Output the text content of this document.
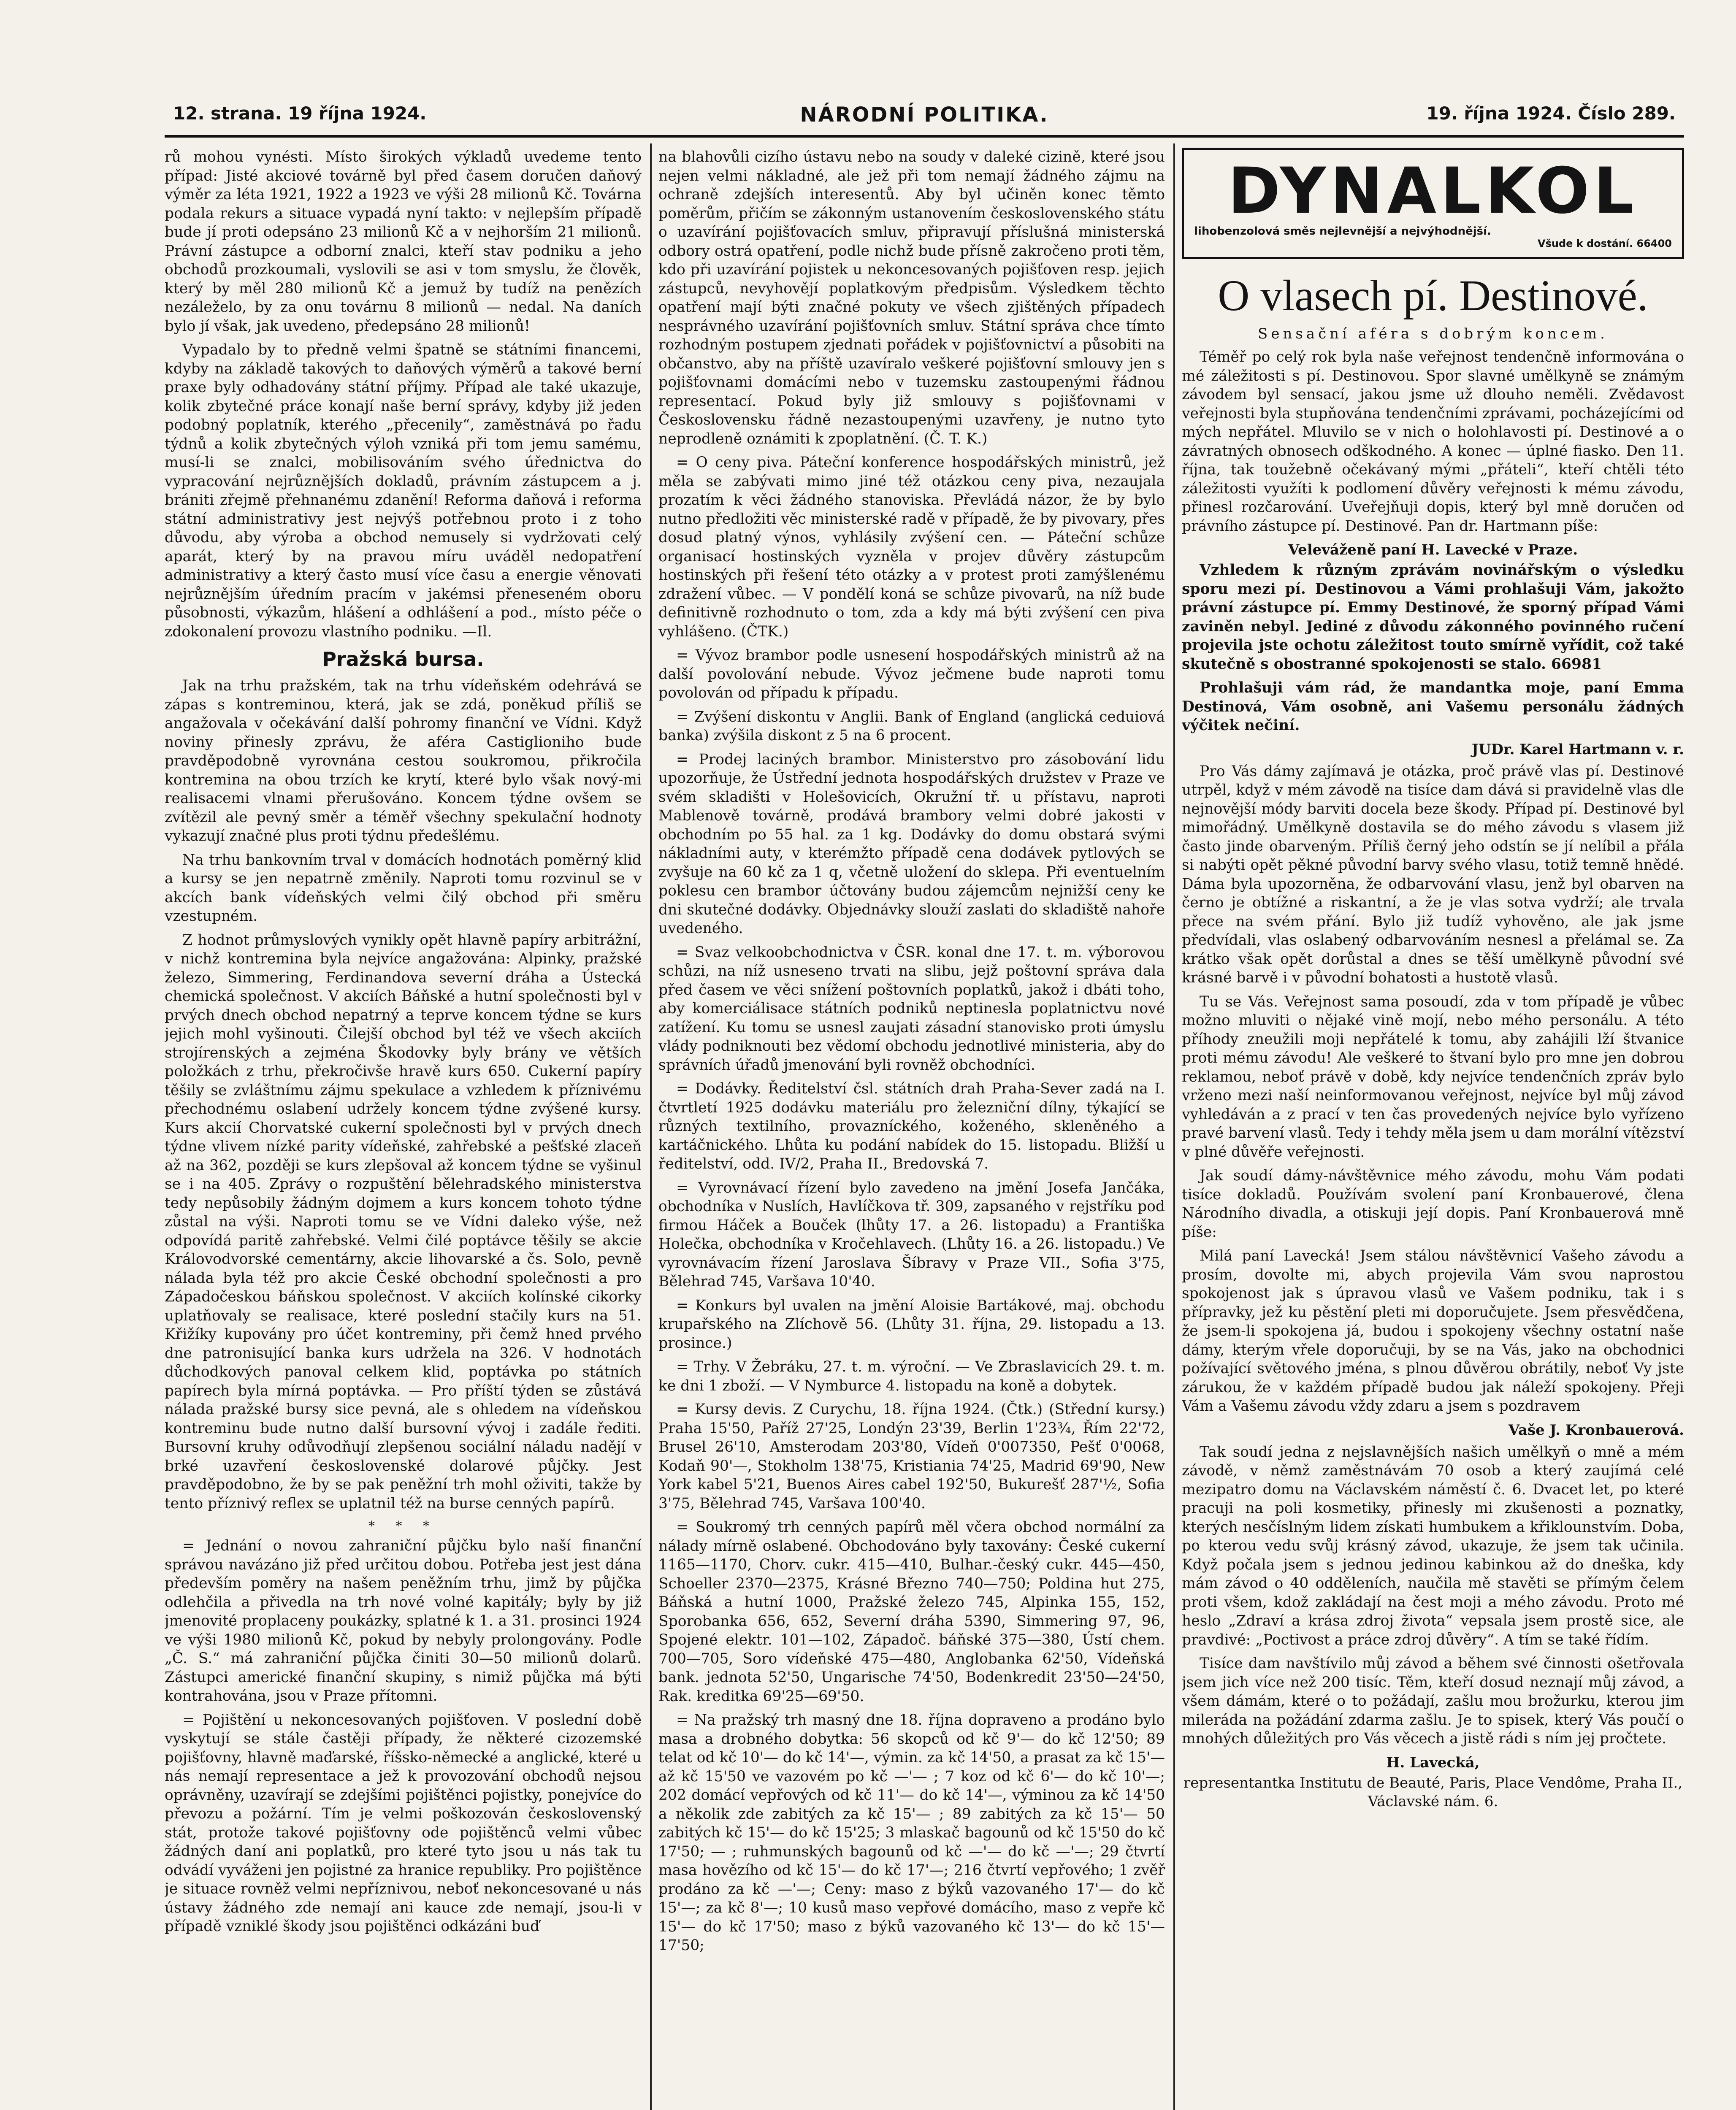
12. strana. 19 října 1924.	NÁRODNÍ POLITIKA.	19. října 1924. Číslo 289.

rů mohou vynésti. Místo širokých výkladů uvedeme tento případ: Jisté akciové továrně byl před časem doručen daňový výměr za léta 1921, 1922 a 1923 ve výši 28 milionů Kč. Továrna podala rekurs a situace vypadá nyní takto: v nejlepším případě bude jí proti odepsáno 23 milionů Kč a v nejhorším 21 milionů. Právní zástupce a odborní znalci, kteří stav podniku a jeho obchodů prozkoumali, vyslovili se asi v tom smyslu, že člověk, který by měl 280 milionů Kč a jemuž by tudíž na penězích nezáleželo, by za onu továrnu 8 milionů — nedal. Na daních bylo jí však, jak uvedeno, předepsáno 28 milionů!

Vypadalo by to předně velmi špatně se státními financemi, kdyby na základě takových to daňových výměrů a takové berní praxe byly odhadovány státní příjmy. Případ ale také ukazuje, kolik zbytečné práce konají naše berní správy, kdyby již jeden podobný poplatník, kterého „přecenily“, zaměstnává po řadu týdnů a kolik zbytečných výloh vzniká při tom jemu samému, musí-li se znalci, mobilisováním svého úřednictva do vypracování nejrůznějších dokladů, právním zástupcem a j. brániti zřejmě přehnanému zdanění! Reforma daňová i reforma státní administrativy jest nejvýš potřebnou proto i z toho důvodu, aby výroba a obchod nemusely si vydržovati celý aparát, který by na pravou míru uváděl nedopatření administrativy a který často musí více času a energie věnovati nejrůznějším úředním pracím v jakémsi přeneseném oboru působnosti, výkazům, hlášení a odhlášení a pod., místo péče o zdokonalení provozu vlastního podniku. —Il.

Pražská bursa.

Jak na trhu pražském, tak na trhu vídeňském odehrává se zápas s kontreminou, která, jak se zdá, poněkud příliš se angažovala v očekávání další pohromy finanční ve Vídni. Když noviny přinesly zprávu, že aféra Castiglioniho bude pravděpodobně vyrovnána cestou soukromou, přikročila kontremina na obou trzích ke krytí, které bylo však nový-mi realisacemi vlnami přerušováno. Koncem týdne ovšem se zvítězil ale pevný směr a téměř všechny spekulační hodnoty vykazují značné plus proti týdnu předešlému.

Na trhu bankovním trval v domácích hodnotách poměrný klid a kursy se jen nepatrně změnily. Naproti tomu rozvinul se v akcích bank vídeňských velmi čilý obchod při směru vzestupném.

Z hodnot průmyslových vynikly opět hlavně papíry arbitrážní, v nichž kontremina byla nejvíce angažována: Alpinky, pražské železo, Simmering, Ferdinandova severní dráha a Ústecká chemická společnost. V akciích Báňské a hutní společnosti byl v prvých dnech obchod nepatrný a teprve koncem týdne se kurs jejich mohl vyšinouti. Čilejší obchod byl též ve všech akciích strojírenských a zejména Škodovky byly brány ve větších položkách z trhu, překročivše hravě kurs 650. Cukerní papíry těšily se zvláštnímu zájmu spekulace a vzhledem k příznivému přechodnému oslabení udržely koncem týdne zvýšené kursy. Kurs akcií Chorvatské cukerní společnosti byl v prvých dnech týdne vlivem nízké parity vídeňské, zahřebské a pešťské zlaceň až na 362, později se kurs zlepšoval až koncem týdne se vyšinul se i na 405. Zprávy o rozpuštění bělehradského ministerstva tedy nepůsobily žádným dojmem a kurs koncem tohoto týdne zůstal na výši. Naproti tomu se ve Vídni daleko výše, než odpovídá paritě zahřebské. Velmi čilé poptávce těšily se akcie Královodvorské cementárny, akcie lihovarské a čs. Solo, pevně nálada byla též pro akcie České obchodní společnosti a pro Západočeskou báňskou společnost. V akciích kolínské cikorky uplatňovaly se realisace, které poslední stačily kurs na 51. Křižíky kupovány pro účet kontreminy, při čemž hned prvého dne patronisující banka kurs udržela na 326. V hodnotách důchodkových panoval celkem klid, poptávka po státních papírech byla mírná poptávka. — Pro příští týden se zůstává nálada pražské bursy sice pevná, ale s ohledem na vídeňskou kontreminu bude nutno další bursovní vývoj i zadále řediti. Bursovní kruhy odůvodňují zlepšenou sociální náladu nadějí v brké uzavření československé dolarové půjčky. Jest pravděpodobno, že by se pak peněžní trh mohl oživiti, takže by tento příznivý reflex se uplatnil též na burse cenných papírů.

* * *

= Jednání o novou zahraniční půjčku bylo naší finanční správou navázáno již před určitou dobou. Potřeba jest jest dána především poměry na našem peněžním trhu, jimž by půjčka odlehčila a přivedla na trh nové volné kapitály; byly by již jmenovité proplaceny poukázky, splatné k 1. a 31. prosinci 1924 ve výši 1980 milionů Kč, pokud by nebyly prolongovány. Podle „Č. S.“ má zahraniční půjčka činiti 30—50 milionů dolarů. Zástupci americké finanční skupiny, s nimiž půjčka má býti kontrahována, jsou v Praze přítomni.

= Pojištění u nekoncesovaných pojišťoven. V poslední době vyskytují se stále častěji případy, že některé cizozemské pojišťovny, hlavně maďarské, říšsko-německé a anglické, které u nás nemají representace a jež k provozování obchodů nejsou oprávněny, uzavírají se zdejšími pojištěnci pojistky, ponejvíce do převozu a požární. Tím je velmi poškozován československý stát, protože takové pojišťovny ode pojištěnců velmi vůbec žádných daní ani poplatků, pro které tyto jsou u nás tak tu odvádí vyváženi jen pojistné za hranice republiky. Pro pojištěnce je situace rovněž velmi nepříznivou, neboť nekoncesované u nás ústavy žádného zde nemají ani kauce zde nemají, jsou-li v případě vzniklé škody jsou pojištěnci odkázáni buď

na blahovůli cizího ústavu nebo na soudy v daleké cizině, které jsou nejen velmi nákladné, ale jež při tom nemají žádného zájmu na ochraně zdejších interesentů. Aby byl učiněn konec těmto poměrům, přičím se zákonným ustanovením československého státu o uzavírání pojišťovacích smluv, připravují příslušná ministerská odbory ostrá opatření, podle nichž bude přísně zakročeno proti těm, kdo při uzavírání pojistek u nekoncesovaných pojišťoven resp. jejich zástupců, nevyhovějí poplatkovým předpisům. Výsledkem těchto opatření mají býti značné pokuty ve všech zjištěných případech nesprávného uzavírání pojišťovních smluv. Státní správa chce tímto rozhodným postupem zjednati pořádek v pojišťovnictví a působiti na občanstvo, aby na příště uzavíralo veškeré pojišťovní smlouvy jen s pojišťovnami domácími nebo v tuzemsku zastoupenými řádnou representací. Pokud byly již smlouvy s pojišťovnami v Československu řádně nezastoupenými uzavřeny, je nutno tyto neprodleně oznámiti k zpoplatnění. (Č. T. K.)

= O ceny piva. Páteční konference hospodářských ministrů, jež měla se zabývati mimo jiné též otázkou ceny piva, nezaujala prozatím k věci žádného stanoviska. Převládá názor, že by bylo nutno předložiti věc ministerské radě v případě, že by pivovary, přes dosud platný výnos, vyhlásily zvýšení cen. — Páteční schůze organisací hostinských vyzněla v projev důvěry zástupcům hostinských při řešení této otázky a v protest proti zamýšlenému zdražení vůbec. — V pondělí koná se schůze pivovarů, na níž bude definitivně rozhodnuto o tom, zda a kdy má býti zvýšení cen piva vyhlášeno. (ČTK.)

= Vývoz brambor podle usnesení hospodářských ministrů až na další povolování nebude. Vývoz ječmene bude naproti tomu povolován od případu k případu.

= Zvýšení diskontu v Anglii. Bank of England (anglická ceduiová banka) zvýšila diskont z 5 na 6 procent.

= Prodej laciných brambor. Ministerstvo pro zásobování lidu upozorňuje, že Ústřední jednota hospodářských družstev v Praze ve svém skladišti v Holešovicích, Okružní tř. u přístavu, naproti Mablenově továrně, prodává brambory velmi dobré jakosti v obchodním po 55 hal. za 1 kg. Dodávky do domu obstará svými nákladními auty, v kterémžto případě cena dodávek pytlových se zvyšuje na 60 kč za 1 q, včetně uložení do sklepa. Při eventuelním poklesu cen brambor účtovány budou zájemcům nejnižší ceny ke dni skutečné dodávky. Objednávky slouží zaslati do skladiště nahoře uvedeného.

= Svaz velkoobchodnictva v ČSR. konal dne 17. t. m. výborovou schůzi, na níž usneseno trvati na slibu, jejž poštovní správa dala před časem ve věci snížení poštovních poplatků, jakož i dbáti toho, aby komerciálisace státních podniků neptinesla poplatnictvu nové zatížení. Ku tomu se usnesl zaujati zásadní stanovisko proti úmyslu vlády podniknouti bez vědomí obchodu jednotlivé ministeria, aby do správních úřadů jmenování byli rovněž obchodníci.

= Dodávky. Ředitelství čsl. státních drah Praha-Sever zadá na I. čtvrtletí 1925 dodávku materiálu pro železniční dílny, týkající se různých textilního, provazníckého, koženého, skleněného a kartáčnického. Lhůta ku podání nabídek do 15. listopadu. Bližší u ředitelství, odd. IV/2, Praha II., Bredovská 7.

= Vyrovnávací řízení bylo zavedeno na jmění Josefa Jančáka, obchodníka v Nuslích, Havlíčkova tř. 309, zapsaného v rejstříku pod firmou Háček a Bouček (lhůty 17. a 26. listopadu) a Františka Holečka, obchodníka v Kročehlavech. (Lhůty 16. a 26. listopadu.) Ve vyrovnávacím řízení Jaroslava Šíbravy v Praze VII., Sofia 3'75, Bělehrad 745, Varšava 10'40.

= Konkurs byl uvalen na jmění Aloisie Bartákové, maj. obchodu krupařského na Zlíchově 56. (Lhůty 31. října, 29. listopadu a 13. prosince.)

= Trhy. V Žebráku, 27. t. m. výroční. — Ve Zbraslavicích 29. t. m. ke dni 1 zboží. — V Nymburce 4. listopadu na koně a dobytek.

= Kursy devis. Z Curychu, 18. října 1924. (Čtk.) (Střední kursy.) Praha 15'50, Paříž 27'25, Londýn 23'39, Berlin 1'23¾, Řím 22'72, Brusel 26'10, Amsterodam 203'80, Vídeň 0'007350, Pešť 0'0068, Kodaň 90'—, Stokholm 138'75, Kristiania 74'25, Madrid 69'90, New York kabel 5'21, Buenos Aires cabel 192'50, Bukurešť 287'½, Sofia 3'75, Bělehrad 745, Varšava 100'40.

= Soukromý trh cenných papírů měl včera obchod normální za nálady mírně oslabené. Obchodováno byly taxovány: České cukerní 1165—1170, Chorv. cukr. 415—410, Bulhar.-český cukr. 445—450, Schoeller 2370—2375, Krásné Březno 740—750; Poldina hut 275, Báňská a hutní 1000, Pražské železo 745, Alpinka 155, 152, Sporobanka 656, 652, Severní dráha 5390, Simmering 97, 96, Spojené elektr. 101—102, Západoč. báňské 375—380, Ústí chem. 700—705, Soro vídeňské 475—480, Anglobanka 62'50, Vídeňská bank. jednota 52'50, Ungarische 74'50, Bodenkredit 23'50—24'50, Rak. kreditka 69'25—69'50.

= Na pražský trh masný dne 18. října dopraveno a prodáno bylo masa a drobného dobytka: 56 skopců od kč 9'— do kč 12'50; 89 telat od kč 10'— do kč 14'—, výmin. za kč 14'50, a prasat za kč 15'— až kč 15'50 ve vazovém po kč —'— ; 7 koz od kč 6'— do kč 10'—; 202 domácí vepřových od kč 11'— do kč 14'—, výminou za kč 14'50 a několik zde zabitých za kč 15'— ; 89 zabitých za kč 15'— 50 zabitých kč 15'— do kč 15'25; 3 mlaskač bagounů od kč 15'50 do kč 17'50; — ; ruhmunských bagounů od kč —'— do kč —'—; 29 čtvrtí masa hovězího od kč 15'— do kč 17'—; 216 čtvrtí vepřového; 1 zvěř prodáno za kč —'—; Ceny: maso z býků vazovaného 17'— do kč 15'—; za kč 8'—; 10 kusů maso vepřové domácího, maso z vepře kč 15'— do kč 17'50; maso z býků vazovaného kč 13'— do kč 15'— 17'50;

DYNALKOL
lihobenzolová směs nejlevnější a nejvýhodnější.
Všude k dostání. 66400
O vlasech pí. Destinové.
Sensační aféra s dobrým koncem.

Téměř po celý rok byla naše veřejnost tendenčně informována o mé záležitosti s pí. Destinovou. Spor slavné umělkyně se známým závodem byl sensací, jakou jsme už dlouho neměli. Zvědavost veřejnosti byla stupňována tendenčními zprávami, pocházejícími od mých nepřátel. Mluvilo se v nich o holohlavosti pí. Destinové a o závratných obnosech odškodného. A konec — úplné fiasko. Den 11. října, tak toužebně očekávaný mými „přáteli“, kteří chtěli této záležitosti využíti k podlomení důvěry veřejnosti k mému závodu, přinesl rozčarování. Uveřejňuji dopis, který byl mně doručen od právního zástupce pí. Destinové. Pan dr. Hartmann píše:

Veleváženě paní H. Lavecké v Praze.

Vzhledem k různým zprávám novinářským o výsledku sporu mezi pí. Destinovou a Vámi prohlašuji Vám, jakožto právní zástupce pí. Emmy Destinové, že sporný případ Vámi zaviněn nebyl. Jediné z důvodu zákonného povinného ručení projevila jste ochotu záležitost touto smírně vyřídit, což také skutečně s obostranné spokojenosti se stalo. 66981

Prohlašuji vám rád, že mandantka moje, paní Emma Destinová, Vám osobně, ani Vašemu personálu žádných výčitek nečiní.

JUDr. Karel Hartmann v. r.

Pro Vás dámy zajímavá je otázka, proč právě vlas pí. Destinové utrpěl, když v mém závodě na tisíce dam dává si pravidelně vlas dle nejnovější módy barviti docela beze škody. Případ pí. Destinové byl mimořádný. Umělkyně dostavila se do mého závodu s vlasem již často jinde obarveným. Příliš černý jeho odstín se jí nelíbil a přála si nabýti opět pěkné původní barvy svého vlasu, totiž temně hnědé. Dáma byla upozorněna, že odbarvování vlasu, jenž byl obarven na černo je obtížné a riskantní, a že je vlas sotva vydrží; ale trvala přece na svém přání. Bylo již tudíž vyhověno, ale jak jsme předvídali, vlas oslabený odbarvováním nesnesl a přelámal se. Za krátko však opět dorůstal a dnes se těší umělkyně původní své krásné barvě i v původní bohatosti a hustotě vlasů.

Tu se Vás. Veřejnost sama posoudí, zda v tom případě je vůbec možno mluviti o nějaké vině mojí, nebo mého personálu. A této příhody zneužili moji nepřátelé k tomu, aby zahájili lží štvanice proti mému závodu! Ale veškeré to štvaní bylo pro mne jen dobrou reklamou, neboť právě v době, kdy nejvíce tendenčních zpráv bylo vrženo mezi naší neinformovanou veřejnost, nejvíce byl můj závod vyhledáván a z prací v ten čas provedených nejvíce bylo vyřízeno pravé barvení vlasů. Tedy i tehdy měla jsem u dam morální vítězství v plné důvěře veřejnosti.

Jak soudí dámy-návštěvnice mého závodu, mohu Vám podati tisíce dokladů. Používám svolení paní Kronbauerové, člena Národního divadla, a otiskuji její dopis. Paní Kronbauerová mně píše:

Milá paní Lavecká! Jsem stálou návštěvnicí Vašeho závodu a prosím, dovolte mi, abych projevila Vám svou naprostou spokojenost jak s úpravou vlasů ve Vašem podniku, tak i s přípravky, jež ku pěstění pleti mi doporučujete. Jsem přesvědčena, že jsem-li spokojena já, budou i spokojeny všechny ostatní naše dámy, kterým vřele doporučuji, by se na Vás, jako na obchodnici požívající světového jména, s plnou důvěrou obrátily, neboť Vy jste zárukou, že v každém případě budou jak náleží spokojeny. Přeji Vám a Vašemu závodu vždy zdaru a jsem s pozdravem

Vaše J. Kronbauerová.

Tak soudí jedna z nejslavnějších našich umělkyň o mně a mém závodě, v němž zaměstnávám 70 osob a který zaujímá celé mezipatro domu na Václavském náměstí č. 6. Dvacet let, po které pracuji na poli kosmetiky, přinesly mi zkušenosti a poznatky, kterých nesčíslným lidem získati humbukem a křiklounstvím. Doba, po kterou vedu svůj krásný závod, ukazuje, že jsem tak učinila. Když počala jsem s jednou jedinou kabinkou až do dneška, kdy mám závod o 40 odděleních, naučila mě stavěti se přímým čelem proti všem, kdož zakládají na čest moji a mého závodu. Proto mé heslo „Zdraví a krása zdroj života“ vepsala jsem prostě sice, ale pravdivé: „Poctivost a práce zdroj důvěry“. A tím se také řídím.

Tisíce dam navštívilo můj závod a během své činnosti ošetřovala jsem jich více než 200 tisíc. Těm, kteří dosud neznají můj závod, a všem dámám, které o to požádají, zašlu mou brožurku, kterou jim mileráda na požádání zdarma zašlu. Je to spisek, který Vás poučí o mnohých důležitých pro Vás věcech a jistě rádi s ním jej pročtete.

H. Lavecká,
representantka Institutu de Beauté, Paris, Place Vendôme, Praha II., Václavské nám. 6.
